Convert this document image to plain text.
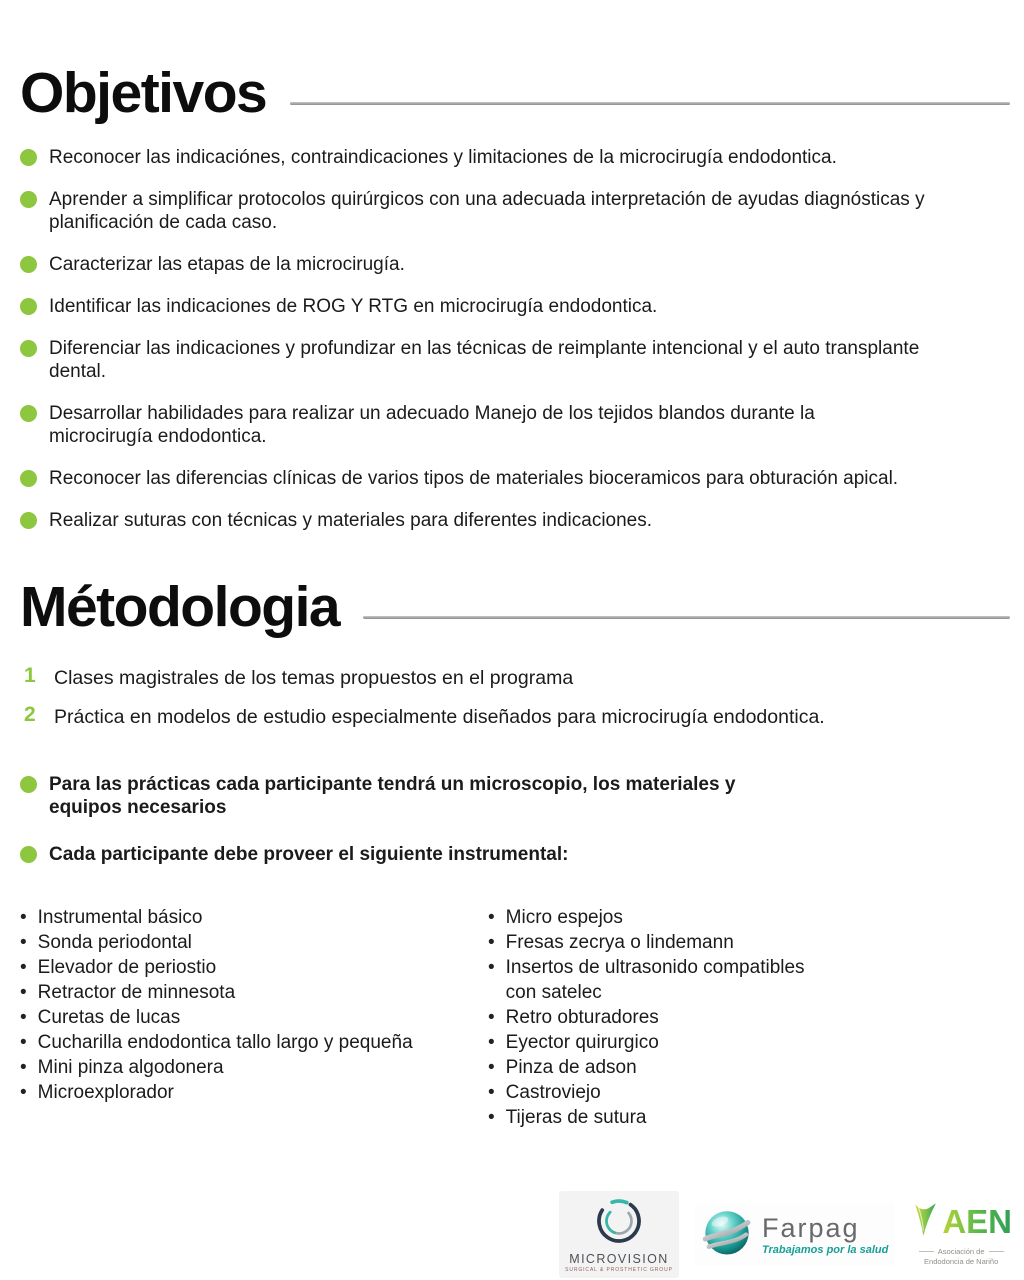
Objetivos
Reconocer las indicaciónes, contraindicaciones y limitaciones de la microcirugía endodontica.
Aprender a simplificar protocolos quirúrgicos con una adecuada interpretación de ayudas diagnósticas y
planificación de cada caso.
Caracterizar las etapas de la microcirugía.
Identificar las indicaciones de ROG Y RTG en microcirugía endodontica.
Diferenciar las indicaciones y profundizar en las técnicas de reimplante intencional y el auto transplante
dental.
Desarrollar habilidades para realizar un adecuado Manejo de los tejidos blandos durante la
microcirugía endodontica.
Reconocer las diferencias clínicas de varios tipos de materiales bioceramicos para obturación apical.
Realizar suturas con técnicas y materiales para diferentes indicaciones.
Métodologia
1 Clases magistrales de los temas propuestos en el programa
2 Práctica en modelos de estudio especialmente diseñados para microcirugía endodontica.
Para las prácticas cada participante tendrá un microscopio, los materiales y
equipos necesarios
Cada participante debe proveer el siguiente instrumental:
• Instrumental básico
• Sonda periodontal
• Elevador de periostio
• Retractor de minnesota
• Curetas de lucas
• Cucharilla endodontica tallo largo y pequeña
• Mini pinza algodonera
• Microexplorador
• Micro espejos
• Fresas zecrya o lindemann
• Insertos de ultrasonido compatibles
con satelec
• Retro obturadores
• Eyector quirurgico
• Pinza de adson
• Castroviejo
• Tijeras de sutura
MICROVISION
SURGICAL & PROSTHETIC GROUP
Farpag
Trabajamos por la salud
AEN
Asociación de
Endodoncia de Nariño
